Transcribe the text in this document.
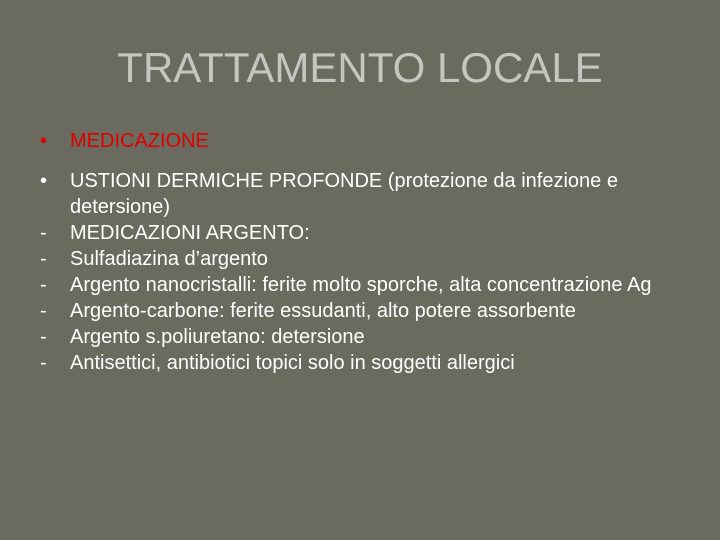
TRATTAMENTO LOCALE
•	MEDICAZIONE
•	USTIONI DERMICHE PROFONDE (protezione da infezione e detersione)
-	MEDICAZIONI ARGENTO:
-	Sulfadiazina d’argento
-	Argento nanocristalli: ferite molto sporche, alta concentrazione Ag
-	Argento-carbone: ferite essudanti, alto potere assorbente
-	Argento s.poliuretano: detersione
-	Antisettici, antibiotici topici solo in soggetti allergici
